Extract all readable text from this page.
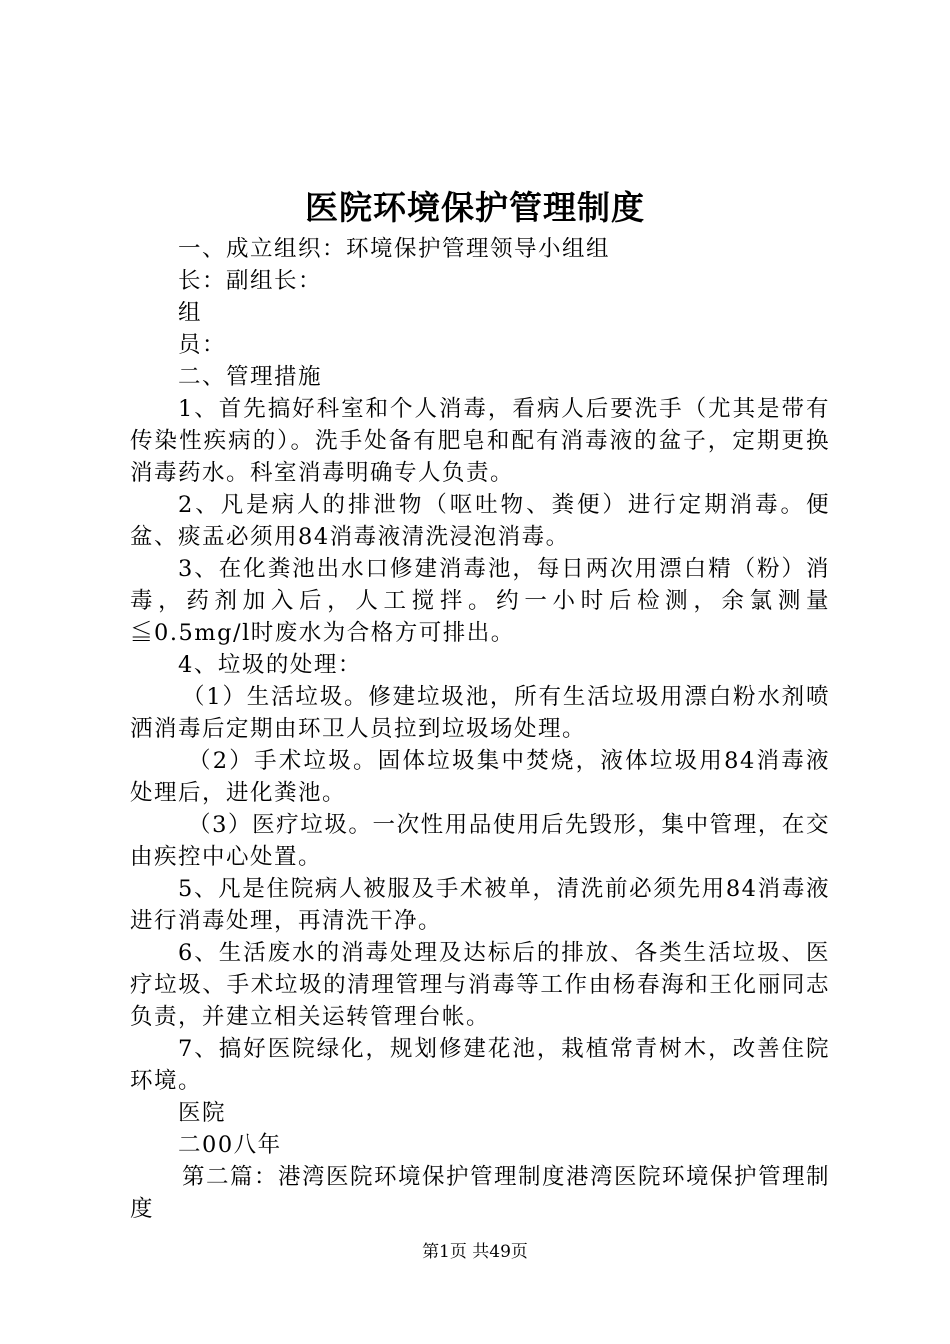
医院环境保护管理制度

一、成立组织：环境保护管理领导小组组

长：副组长：

组

员：

二、管理措施

1、首先搞好科室和个人消毒，看病人后要洗手（尤其是带有传染性疾病的）。洗手处备有肥皂和配有消毒液的盆子，定期更换消毒药水。科室消毒明确专人负责。

2、凡是病人的排泄物（呕吐物、粪便）进行定期消毒。便盆、痰盂必须用84消毒液清洗浸泡消毒。

3、在化粪池出水口修建消毒池，每日两次用漂白精（粉）消毒，药剂加入后，人工搅拌。约一小时后检测，余氯测量≦0.5mg/l时废水为合格方可排出。

4、垃圾的处理：

（1）生活垃圾。修建垃圾池，所有生活垃圾用漂白粉水剂喷洒消毒后定期由环卫人员拉到垃圾场处理。

（2）手术垃圾。固体垃圾集中焚烧，液体垃圾用84消毒液处理后，进化粪池。

（3）医疗垃圾。一次性用品使用后先毁形，集中管理，在交由疾控中心处置。

5、凡是住院病人被服及手术被单，清洗前必须先用84消毒液进行消毒处理，再清洗干净。

6、生活废水的消毒处理及达标后的排放、各类生活垃圾、医疗垃圾、手术垃圾的清理管理与消毒等工作由杨春海和王化丽同志负责，并建立相关运转管理台帐。

7、搞好医院绿化，规划修建花池，栽植常青树木，改善住院环境。

医院

二00八年

第二篇：港湾医院环境保护管理制度港湾医院环境保护管理制度

第1页 共49页
